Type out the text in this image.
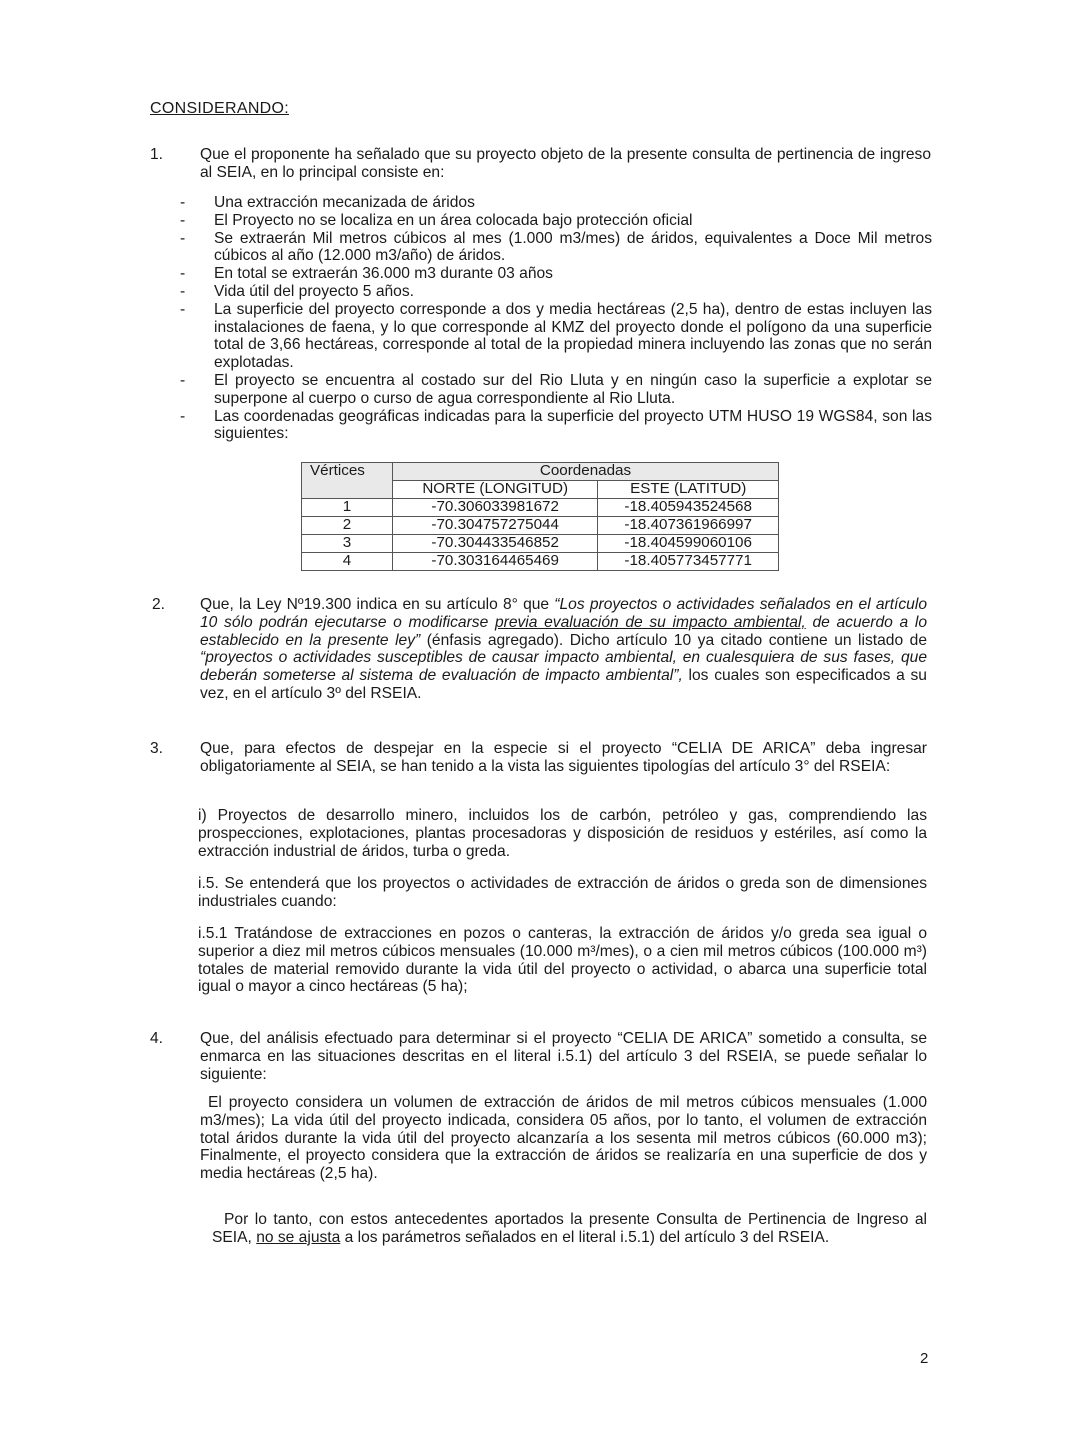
CONSIDERANDO:
1. Que el proponente ha señalado que su proyecto objeto de la presente consulta de pertinencia de ingreso al SEIA, en lo principal consiste en:
- Una extracción mecanizada de áridos
- El Proyecto no se localiza en un área colocada bajo protección oficial
- Se extraerán Mil metros cúbicos al mes (1.000 m3/mes) de áridos, equivalentes a Doce Mil metros cúbicos al año (12.000 m3/año) de áridos.
- En total se extraerán 36.000 m3 durante 03 años
- Vida útil del proyecto 5 años.
- La superficie del proyecto corresponde a dos y media hectáreas (2,5 ha), dentro de estas incluyen las instalaciones de faena, y lo que corresponde al KMZ del proyecto donde el polígono da una superficie total de 3,66 hectáreas, corresponde al total de la propiedad minera incluyendo las zonas que no serán explotadas.
- El proyecto se encuentra al costado sur del Rio Lluta y en ningún caso la superficie a explotar se superpone al cuerpo o curso de agua correspondiente al Rio Lluta.
- Las coordenadas geográficas indicadas para la superficie del proyecto UTM HUSO 19 WGS84, son las siguientes:
Vértices	Coordenadas	
	NORTE (LONGITUD)	ESTE (LATITUD)
1	-70.306033981672	-18.405943524568
2	-70.304757275044	-18.407361966997
3	-70.304433546852	-18.404599060106
4	-70.303164465469	-18.405773457771
2. Que, la Ley Nº19.300 indica en su artículo 8° que “Los proyectos o actividades señalados en el artículo 10 sólo podrán ejecutarse o modificarse previa evaluación de su impacto ambiental, de acuerdo a lo establecido en la presente ley” (énfasis agregado). Dicho artículo 10 ya citado contiene un listado de “proyectos o actividades susceptibles de causar impacto ambiental, en cualesquiera de sus fases, que deberán someterse al sistema de evaluación de impacto ambiental”, los cuales son especificados a su vez, en el artículo 3º del RSEIA.
3. Que, para efectos de despejar en la especie si el proyecto “CELIA DE ARICA” deba ingresar obligatoriamente al SEIA, se han tenido a la vista las siguientes tipologías del artículo 3° del RSEIA:
i) Proyectos de desarrollo minero, incluidos los de carbón, petróleo y gas, comprendiendo las prospecciones, explotaciones, plantas procesadoras y disposición de residuos y estériles, así como la extracción industrial de áridos, turba o greda.
i.5. Se entenderá que los proyectos o actividades de extracción de áridos o greda son de dimensiones industriales cuando:
i.5.1 Tratándose de extracciones en pozos o canteras, la extracción de áridos y/o greda sea igual o superior a diez mil metros cúbicos mensuales (10.000 m³/mes), o a cien mil metros cúbicos (100.000 m³) totales de material removido durante la vida útil del proyecto o actividad, o abarca una superficie total igual o mayor a cinco hectáreas (5 ha);
4. Que, del análisis efectuado para determinar si el proyecto “CELIA DE ARICA” sometido a consulta, se enmarca en las situaciones descritas en el literal i.5.1) del artículo 3 del RSEIA, se puede señalar lo siguiente:
El proyecto considera un volumen de extracción de áridos de mil metros cúbicos mensuales (1.000 m3/mes); La vida útil del proyecto indicada, considera 05 años, por lo tanto, el volumen de extracción total áridos durante la vida útil del proyecto alcanzaría a los sesenta mil metros cúbicos (60.000 m3); Finalmente, el proyecto considera que la extracción de áridos se realizaría en una superficie de dos y media hectáreas (2,5 ha).
Por lo tanto, con estos antecedentes aportados la presente Consulta de Pertinencia de Ingreso al SEIA, no se ajusta a los parámetros señalados en el literal i.5.1) del artículo 3 del RSEIA.
2
